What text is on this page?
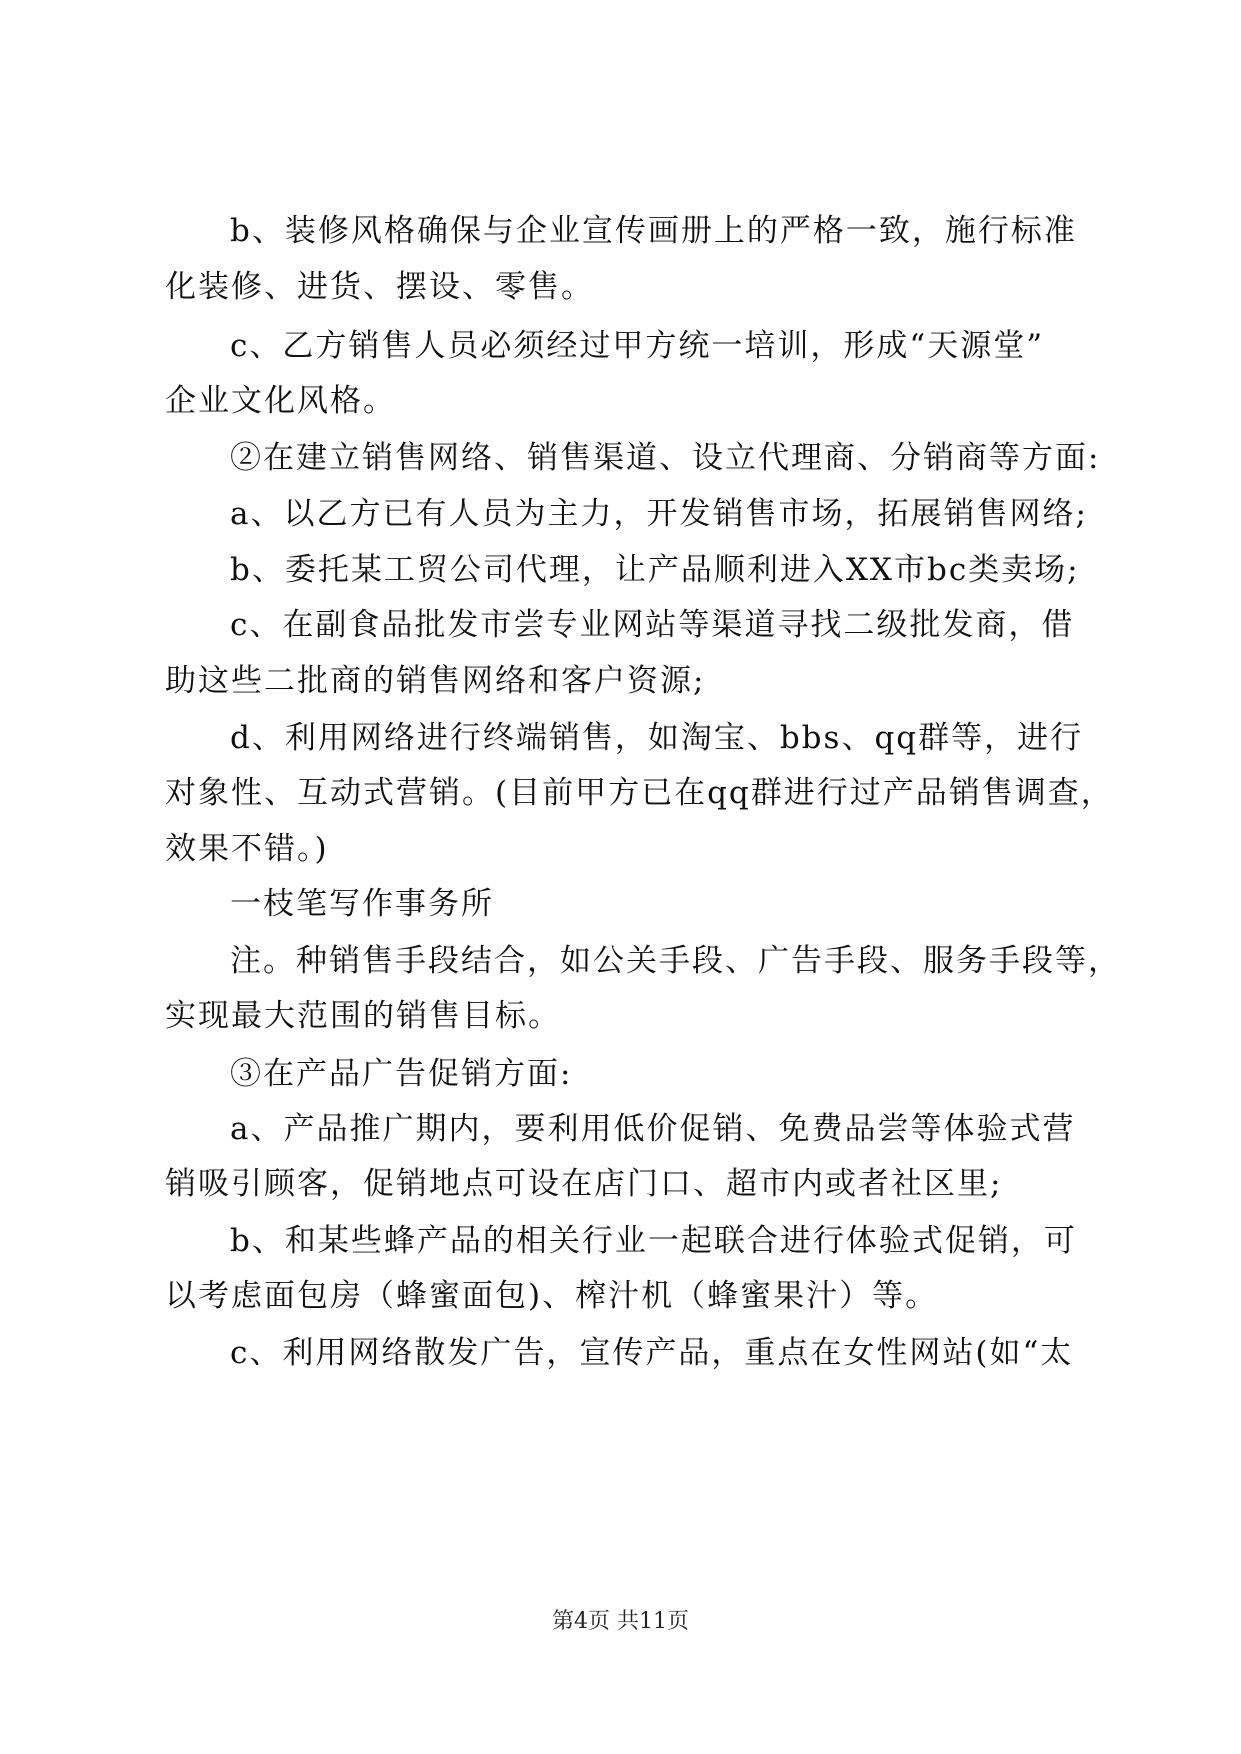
b、装修风格确保与企业宣传画册上的严格一致，施行标准
化装修、进货、摆设、零售。
c、乙方销售人员必须经过甲方统一培训，形成“天源堂”
企业文化风格。
②在建立销售网络、销售渠道、设立代理商、分销商等方面:
a、以乙方已有人员为主力，开发销售市场，拓展销售网络;
b、委托某工贸公司代理，让产品顺利进入XX市bc类卖场;
c、在副食品批发市尝专业网站等渠道寻找二级批发商，借
助这些二批商的销售网络和客户资源;
d、利用网络进行终端销售，如淘宝、bbs、qq群等，进行
对象性、互动式营销。(目前甲方已在qq群进行过产品销售调查，
效果不错。)
一枝笔写作事务所
注。种销售手段结合，如公关手段、广告手段、服务手段等，
实现最大范围的销售目标。
③在产品广告促销方面:
a、产品推广期内，要利用低价促销、免费品尝等体验式营
销吸引顾客，促销地点可设在店门口、超市内或者社区里;
b、和某些蜂产品的相关行业一起联合进行体验式促销，可
以考虑面包房（蜂蜜面包)、榨汁机（蜂蜜果汁）等。
c、利用网络散发广告，宣传产品，重点在女性网站(如“太
第4页 共11页
